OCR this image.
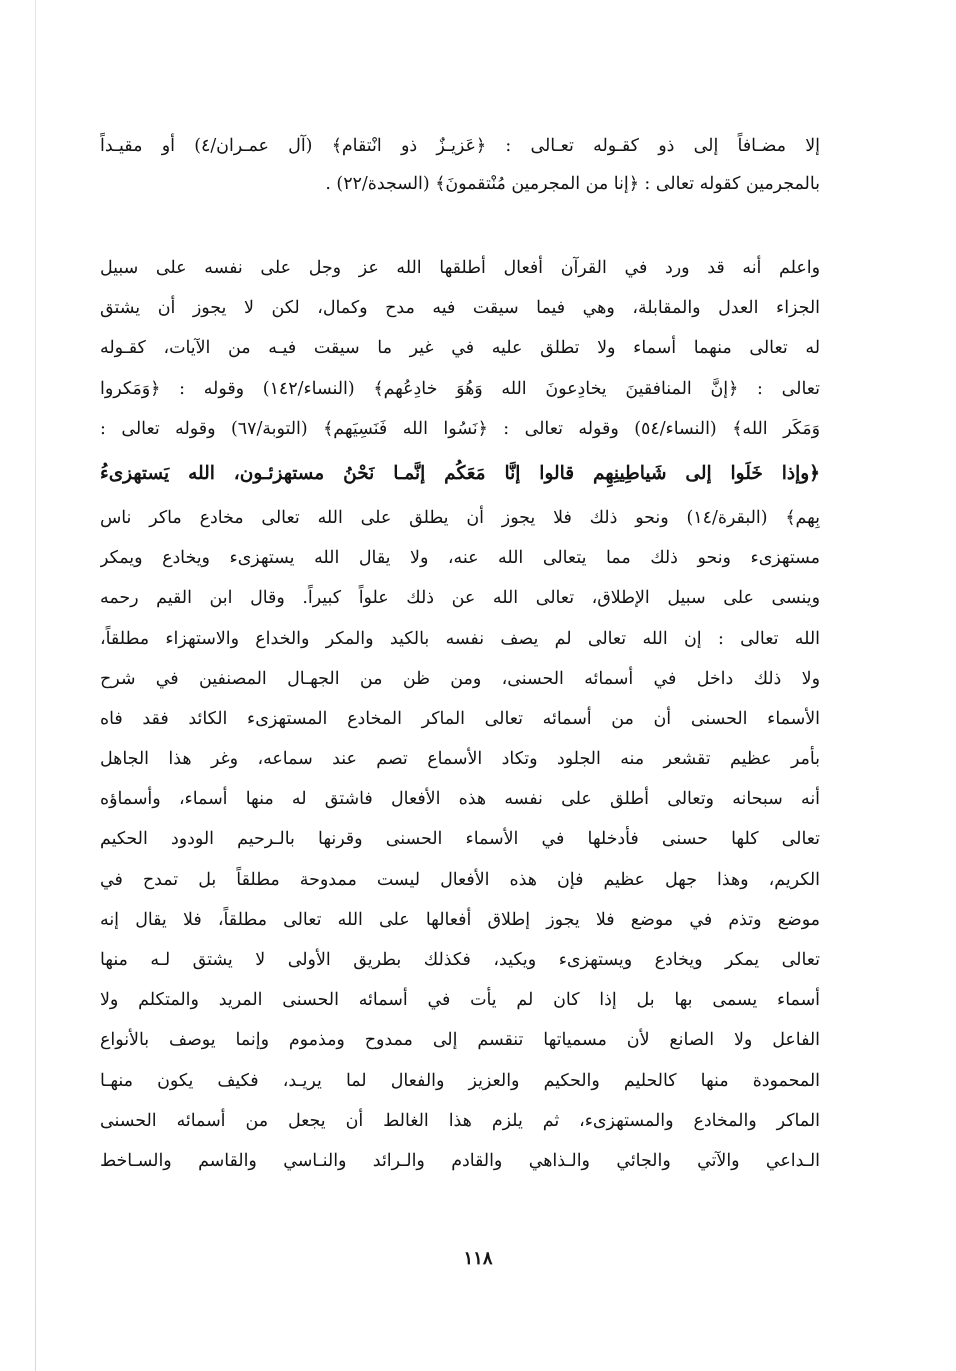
إلا مضـافاً إلى ذو كقـوله تعـالى : ﴿عَزيـزٌ ذو انْتقام﴾ (آل عمـران/٤) أو مقيـداً
بالمجرمين كقوله تعالى : ﴿إنا من المجرمين مُنْتقمونَ﴾ (السجدة/٢٢) .
واعلم أنه قد ورد في القرآن أفعال أطلقها الله عز وجل على نفسه على سبيل
الجزاء العدل والمقابلة، وهي فيما سيقت فيه مدح وكمال، لكن لا يجوز أن يشتق
له تعالى منهما أسماء ولا تطلق عليه في غير ما سيقت فيـه من الآيات، كقـوله
تعالى : ﴿إنَّ المنافقينَ يخادِعونَ الله وَهُوَ خادِعُهم﴾ (النساء/١٤٢) وقوله : ﴿وَمَكروا
وَمَكَر الله﴾ (النساء/٥٤) وقوله تعالى : ﴿نَسُوا الله فَنَسِيَهم﴾ (التوبة/٦٧) وقوله تعالى :
﴿وإذا خَلَوا إلى شَياطِينِهِم قالوا إنَّا مَعَكُم إنَّمـا نَحْنُ مستهزئـون، الله يَستهزىءُ
بِهم﴾ (البقرة/١٤) ونحو ذلك فلا يجوز أن يطلق على الله تعالى مخادع ماكر ناس
مستهزىء ونحو ذلك مما يتعالى الله عنه، ولا يقال الله يستهزىء ويخادع ويمكر
وينسى على سبيل الإطلاق، تعالى الله عن ذلك علواً كبيراً. وقال ابن القيم رحمه
الله تعالى : إن الله تعالى لم يصف نفسه بالكيد والمكر والخداع والاستهزاء مطلقاً،
ولا ذلك داخل في أسمائه الحسنى، ومن ظن من الجهـال المصنفين في شرح
الأسماء الحسنى أن من أسمائه تعالى الماكر المخادع المستهزىء الكائد فقد فاه
بأمر عظيم تقشعر منه الجلود وتكاد الأسماع تصم عند سماعه، وغر هذا الجاهل
أنه سبحانه وتعالى أطلق على نفسه هذه الأفعال فاشتق له منها أسماء، وأسماؤه
تعالى كلها حسنى فأدخلها في الأسماء الحسنى وقرنها بالـرحيم الودود الحكيم
الكريم، وهذا جهل عظيم فإن هذه الأفعال ليست ممدوحة مطلقاً بل تمدح في
موضع وتذم في موضع فلا يجوز إطلاق أفعالها على الله تعالى مطلقاً، فلا يقال إنه
تعالى يمكر ويخادع ويستهزىء ويكيد، فكذلك بطريق الأولى لا يشتق لـه منها
أسماء يسمى بها بل إذا كان لم يأت في أسمائه الحسنى المريد والمتكلم ولا
الفاعل ولا الصانع لأن مسمياتها تنقسم إلى ممدوح ومذموم وإنما يوصف بالأنواع
المحمودة منها كالحليم والحكيم والعزيز والفعال لما يريـد، فكيف يكون منهـا
الماكر والمخادع والمستهزىء، ثم يلزم هذا الغالط أن يجعل من أسمائه الحسنى
الـداعي والآتي والجائي والـذاهي والقادم والـرائد والنـاسي والقاسم والسـاخط
١١٨
